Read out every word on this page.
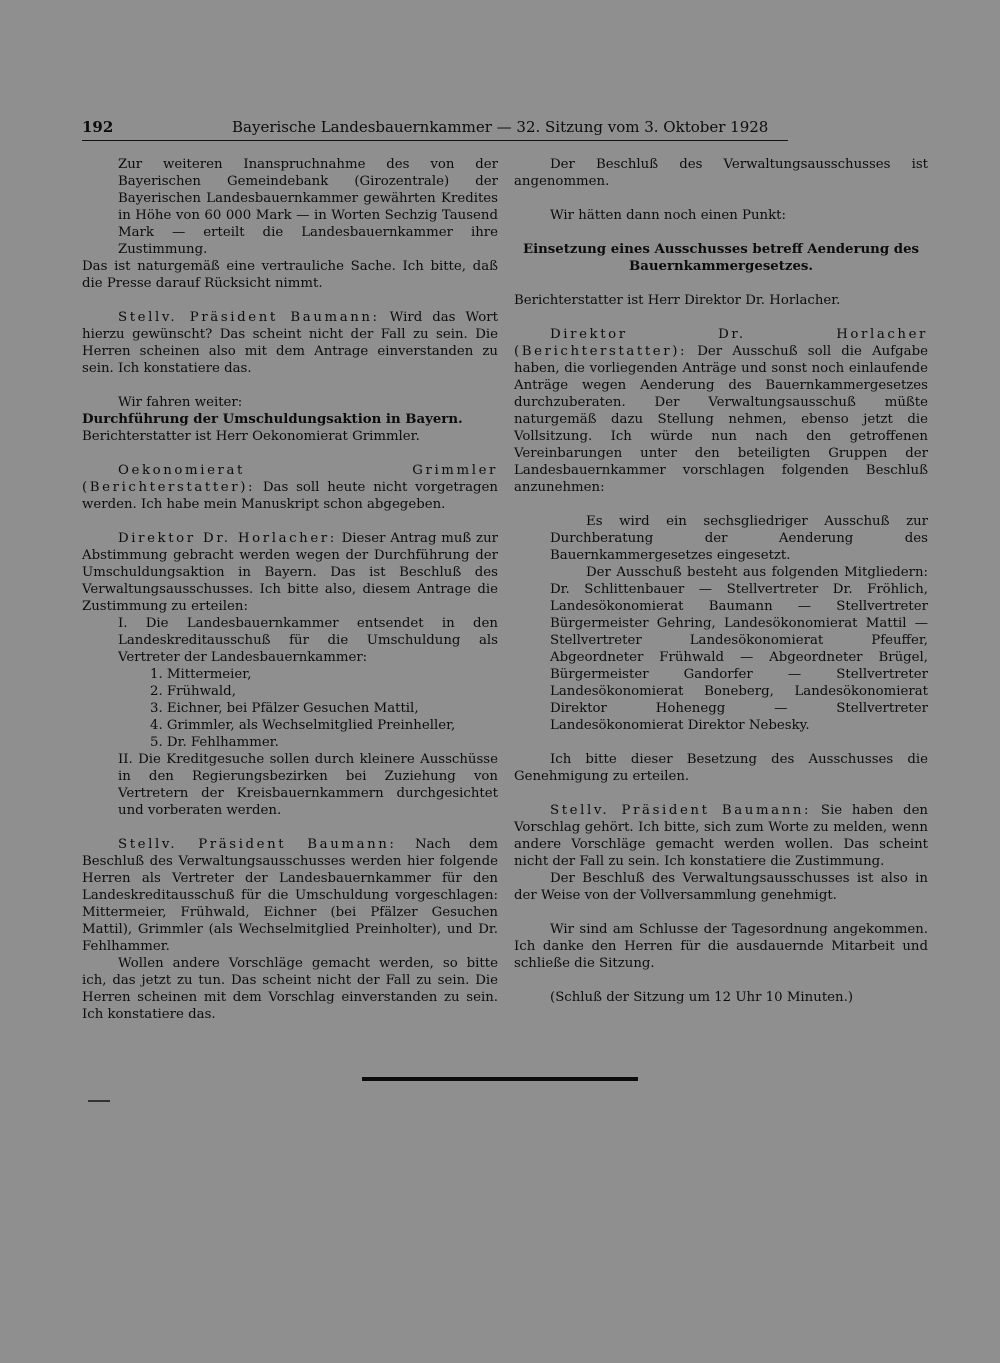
192	Bayerische Landesbauernkammer — 32. Sitzung vom 3. Oktober 1928

Zur weiteren Inanspruchnahme des von der Bayerischen Gemeindebank (Girozentrale) der Bayerischen Landesbauernkammer gewährten Kredites in Höhe von 60 000 Mark — in Worten Sechzig Tausend Mark — erteilt die Landesbauernkammer ihre Zustimmung.

Das ist naturgemäß eine vertrauliche Sache. Ich bitte, daß die Presse darauf Rücksicht nimmt.

Stellv. Präsident Baumann: Wird das Wort hierzu gewünscht? Das scheint nicht der Fall zu sein. Die Herren scheinen also mit dem Antrage einverstanden zu sein. Ich konstatiere das.

Wir fahren weiter:

Durchführung der Umschuldungsaktion in Bayern.

Berichterstatter ist Herr Oekonomierat Grimmler.

Oekonomierat Grimmler (Berichterstatter): Das soll heute nicht vorgetragen werden. Ich habe mein Manuskript schon abgegeben.

Direktor Dr. Horlacher: Dieser Antrag muß zur Abstimmung gebracht werden wegen der Durchführung der Umschuldungsaktion in Bayern. Das ist Beschluß des Verwaltungsausschusses. Ich bitte also, diesem Antrage die Zustimmung zu erteilen:

I. Die Landesbauernkammer entsendet in den Landeskreditausschuß für die Umschuldung als Vertreter der Landesbauernkammer:

1. Mittermeier,

2. Frühwald,

3. Eichner, bei Pfälzer Gesuchen Mattil,

4. Grimmler, als Wechselmitglied Preinheller,

5. Dr. Fehlhammer.

II. Die Kreditgesuche sollen durch kleinere Ausschüsse in den Regierungsbezirken bei Zuziehung von Vertretern der Kreisbauernkammern durchgesichtet und vorberaten werden.

Stellv. Präsident Baumann: Nach dem Beschluß des Verwaltungsausschusses werden hier folgende Herren als Vertreter der Landesbauernkammer für den Landeskreditausschuß für die Umschuldung vorgeschlagen: Mittermeier, Frühwald, Eichner (bei Pfälzer Gesuchen Mattil), Grimmler (als Wechselmitglied Preinholter), und Dr. Fehlhammer.

Wollen andere Vorschläge gemacht werden, so bitte ich, das jetzt zu tun. Das scheint nicht der Fall zu sein. Die Herren scheinen mit dem Vorschlag einverstanden zu sein. Ich konstatiere das.

Der Beschluß des Verwaltungsausschusses ist angenommen.

Wir hätten dann noch einen Punkt:

Einsetzung eines Ausschusses betreff Aenderung des Bauernkammergesetzes.

Berichterstatter ist Herr Direktor Dr. Horlacher.

Direktor Dr. Horlacher (Berichterstatter): Der Ausschuß soll die Aufgabe haben, die vorliegenden Anträge und sonst noch einlaufende Anträge wegen Aenderung des Bauernkammergesetzes durchzuberaten. Der Verwaltungsausschuß müßte naturgemäß dazu Stellung nehmen, ebenso jetzt die Vollsitzung. Ich würde nun nach den getroffenen Vereinbarungen unter den beteiligten Gruppen der Landesbauernkammer vorschlagen folgenden Beschluß anzunehmen:

Es wird ein sechsgliedriger Ausschuß zur Durchberatung der Aenderung des Bauernkammergesetzes eingesetzt.

Der Ausschuß besteht aus folgenden Mitgliedern: Dr. Schlittenbauer — Stellvertreter Dr. Fröhlich, Landesökonomierat Baumann — Stellvertreter Bürgermeister Gehring, Landesökonomierat Mattil — Stellvertreter Landesökonomierat Pfeuffer, Abgeordneter Frühwald — Abgeordneter Brügel, Bürgermeister Gandorfer — Stellvertreter Landesökonomierat Boneberg, Landesökonomierat Direktor Hohenegg — Stellvertreter Landesökonomierat Direktor Nebesky.

Ich bitte dieser Besetzung des Ausschusses die Genehmigung zu erteilen.

Stellv. Präsident Baumann: Sie haben den Vorschlag gehört. Ich bitte, sich zum Worte zu melden, wenn andere Vorschläge gemacht werden wollen. Das scheint nicht der Fall zu sein. Ich konstatiere die Zustimmung.

Der Beschluß des Verwaltungsausschusses ist also in der Weise von der Vollversammlung genehmigt.

Wir sind am Schlusse der Tagesordnung angekommen. Ich danke den Herren für die ausdauernde Mitarbeit und schließe die Sitzung.

(Schluß der Sitzung um 12 Uhr 10 Minuten.)
